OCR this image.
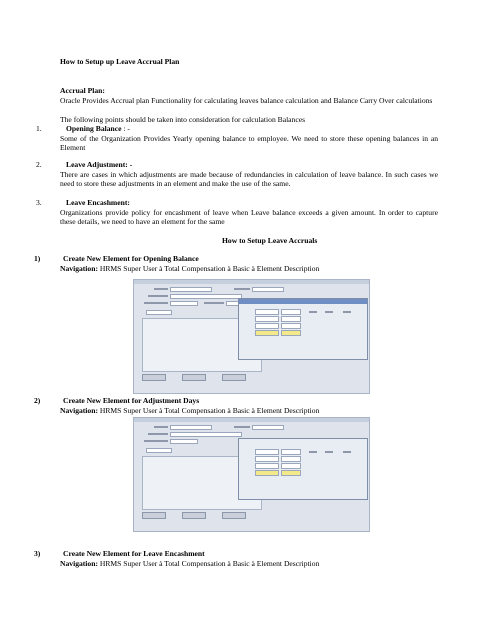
How to Setup up Leave Accrual Plan
Accrual Plan:
Oracle Provides Accrual plan Functionality for calculating leaves balance calculation and Balance Carry Over calculations
The following points should be taken into consideration for calculation Balances
1.	Opening Balance : -
Some of the Organization Provides Yearly opening balance to employee. We need to store these opening balances in an Element
2.	Leave Adjustment: -
There are cases in which adjustments are made because of redundancies in calculation of leave balance. In such cases we need to store these adjustments in an element and make the use of the same.
3.	Leave Encashment:
Organizations provide policy for encashment of leave when Leave balance exceeds a given amount. In order to capture these details, we need to have an element for the same
How to Setup Leave Accruals
1)	Create New Element for Opening Balance
Navigation: HRMS Super User à Total Compensation à Basic à Element Description
2)	Create New Element for Adjustment Days
Navigation: HRMS Super User à Total Compensation à Basic à Element Description
3)	Create New Element for Leave Encashment
Navigation: HRMS Super User à Total Compensation à Basic à Element Description
